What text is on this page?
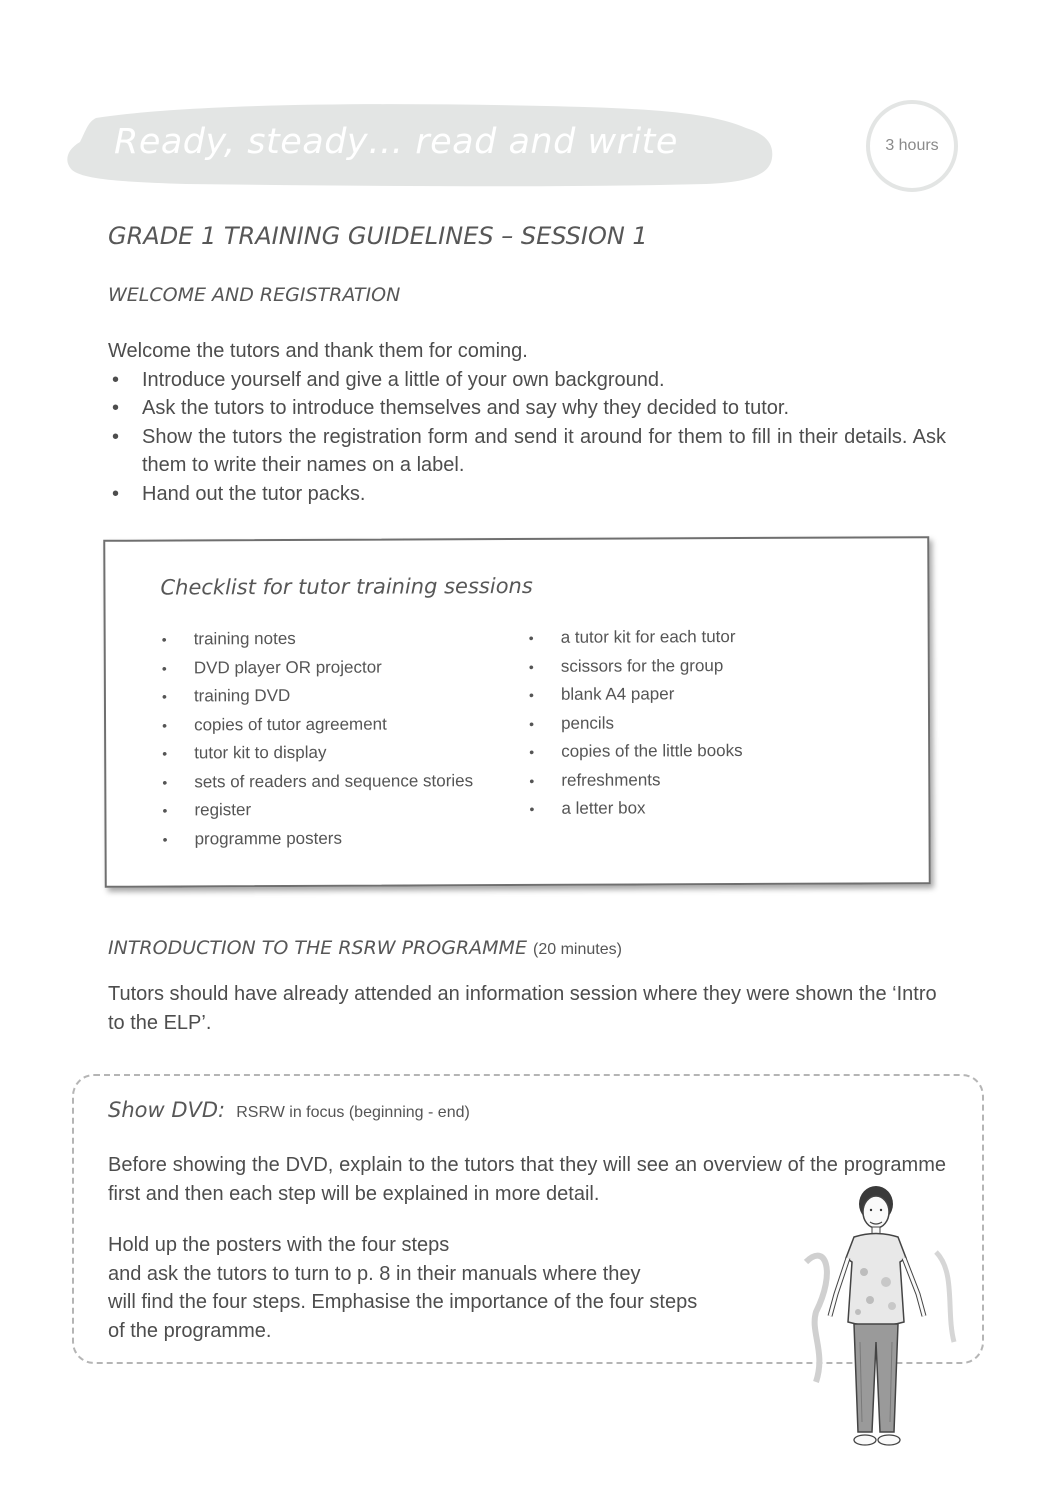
Ready, steady… read and write	3 hours
GRADE 1 TRAINING GUIDELINES – SESSION 1
WELCOME AND REGISTRATION
Welcome the tutors and thank them for coming.
• Introduce yourself and give a little of your own background.
• Ask the tutors to introduce themselves and say why they decided to tutor.
• Show the tutors the registration form and send it around for them to fill in their details. Ask them to write their names on a label.
• Hand out the tutor packs.
Checklist for tutor training sessions
• training notes
• DVD player OR projector
• training DVD
• copies of tutor agreement
• tutor kit to display
• sets of readers and sequence stories
• register
• programme posters
• a tutor kit for each tutor
• scissors for the group
• blank A4 paper
• pencils
• copies of the little books
• refreshments
• a letter box
INTRODUCTION TO THE RSRW PROGRAMME (20 minutes)
Tutors should have already attended an information session where they were shown the ‘Intro to the ELP’.
Show DVD: RSRW in focus (beginning - end)
Before showing the DVD, explain to the tutors that they will see an overview of the programme first and then each step will be explained in more detail.
Hold up the posters with the four steps
and ask the tutors to turn to p. 8 in their manuals where they
will find the four steps. Emphasise the importance of the four steps
of the programme.
